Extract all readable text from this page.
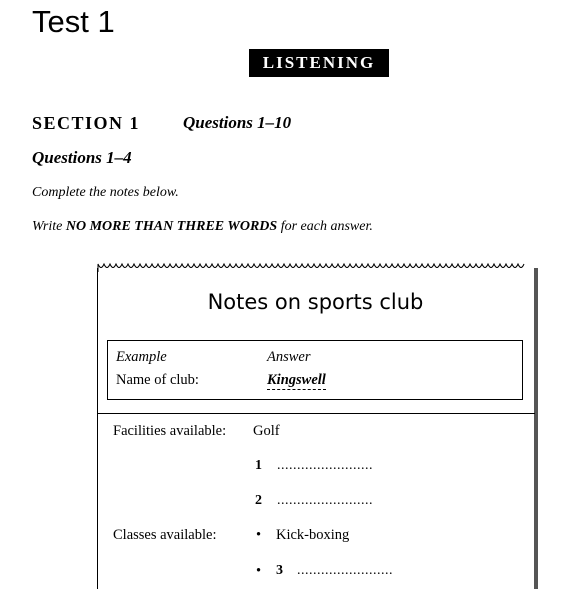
Test 1
LISTENING
SECTION 1	Questions 1–10
Questions 1–4
Complete the notes below.
Write NO MORE THAN THREE WORDS for each answer.
Notes on sports club
Example	Answer
Name of club:	Kingswell
Facilities available: Golf
1 ........................
2 ........................
Classes available:	• Kick-boxing
• 3 ........................
